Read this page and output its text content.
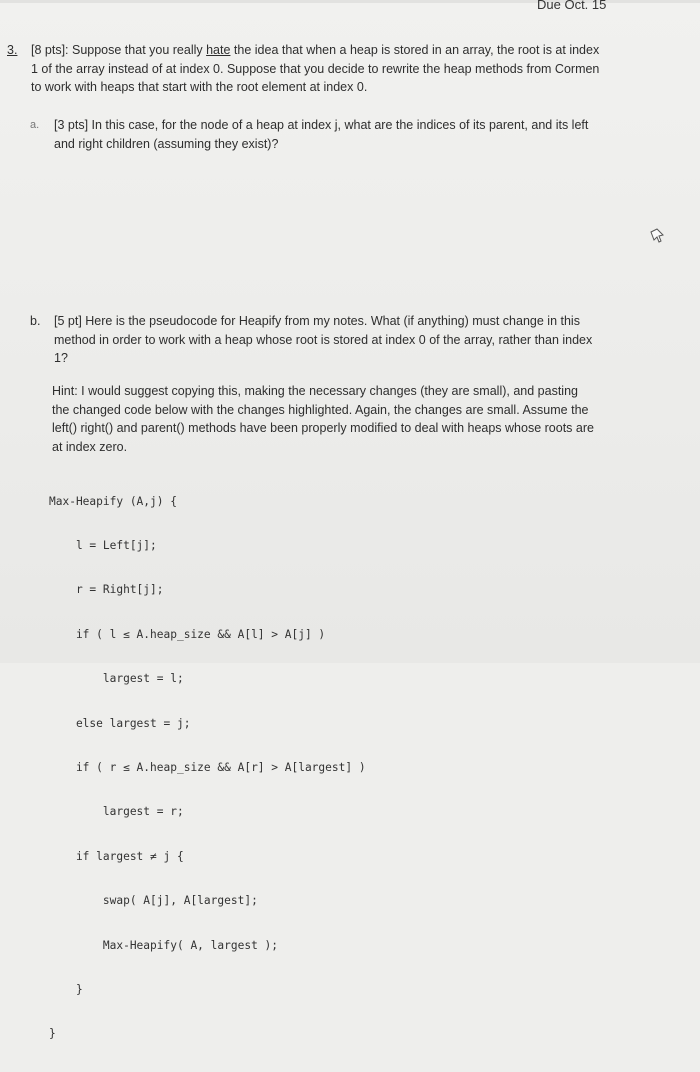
Due Oct. 15
3.	[8 pts]: Suppose that you really hate the idea that when a heap is stored in an array, the root is at index 1 of the array instead of at index 0. Suppose that you decide to rewrite the heap methods from Cormen to work with heaps that start with the root element at index 0.
a.	[3 pts] In this case, for the node of a heap at index j, what are the indices of its parent, and its left and right children (assuming they exist)?
b.	[5 pt] Here is the pseudocode for Heapify from my notes. What (if anything) must change in this method in order to work with a heap whose root is stored at index 0 of the array, rather than index 1?
Hint: I would suggest copying this, making the necessary changes (they are small), and pasting the changed code below with the changes highlighted. Again, the changes are small. Assume the left() right() and parent() methods have been properly modified to deal with heaps whose roots are at index zero.

Max-Heapify (A,j) {

l = Left[j];

r = Right[j];

if ( l ≤ A.heap_size && A[l] > A[j] )

largest = l;

else largest = j;

if ( r ≤ A.heap_size && A[r] > A[largest] )

largest = r;

if largest ≠ j {

swap( A[j], A[largest];

Max-Heapify( A, largest );

}

}
